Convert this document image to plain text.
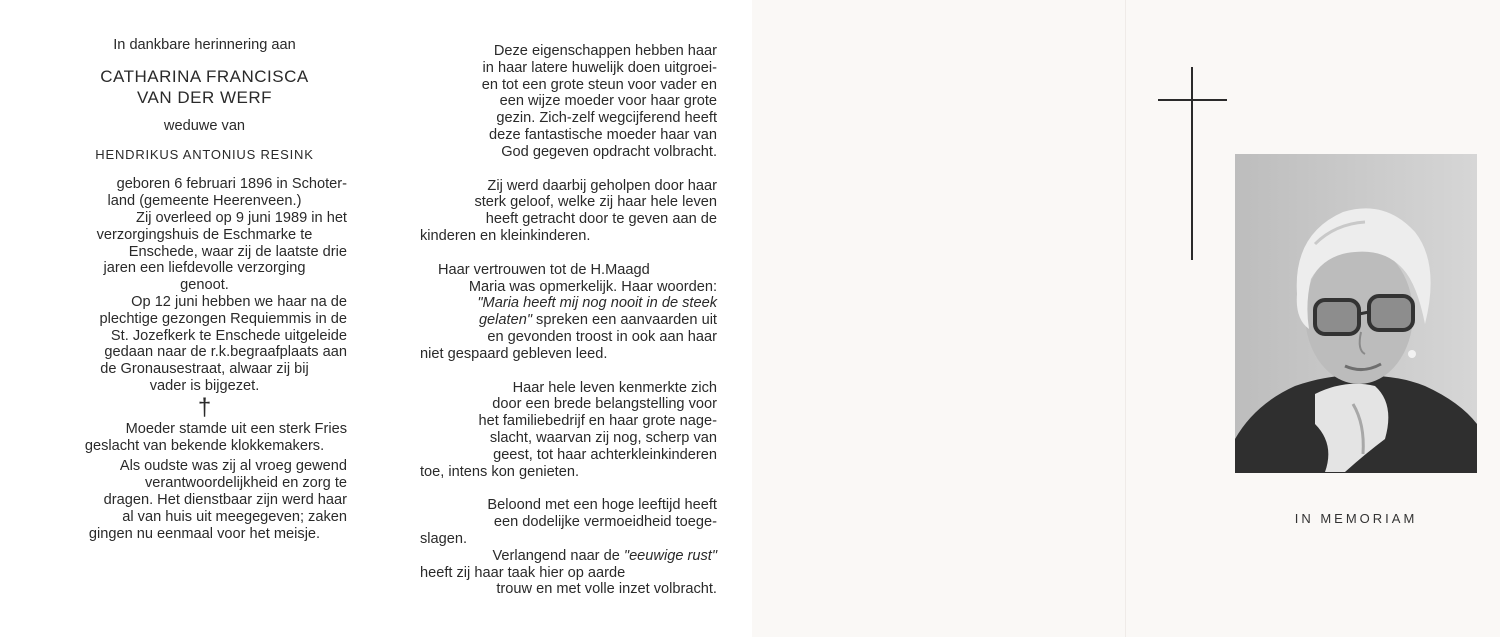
In dankbare herinnering aan

CATHARINA FRANCISCA

VAN DER WERF

weduwe van

HENDRIKUS ANTONIUS RESINK

geboren 6 februari 1896 in Schoter-

land (gemeente Heerenveen.)

Zij overleed op 9 juni 1989 in het

verzorgingshuis de Eschmarke te

Enschede, waar zij de laatste drie

jaren een liefdevolle verzorging

genoot.

Op 12 juni hebben we haar na de

plechtige gezongen Requiemmis in de

St. Jozefkerk te Enschede uitgeleide

gedaan naar de r.k.begraafplaats aan

de Gronausestraat, alwaar zij bij

vader is bijgezet.

†

Moeder stamde uit een sterk Fries

geslacht van bekende klokkemakers.

Als oudste was zij al vroeg gewend

verantwoordelijkheid en zorg te

dragen. Het dienstbaar zijn werd haar

al van huis uit meegegeven; zaken

gingen nu eenmaal voor het meisje.

Deze eigenschappen hebben haar

in haar latere huwelijk doen uitgroei-

en tot een grote steun voor vader en

een wijze moeder voor haar grote

gezin. Zich-zelf wegcijferend heeft

deze fantastische moeder haar van

God gegeven opdracht volbracht.

Zij werd daarbij geholpen door haar

sterk geloof, welke zij haar hele leven

heeft getracht door te geven aan de

kinderen en kleinkinderen.

Haar vertrouwen tot de H.Maagd

Maria was opmerkelijk. Haar woorden:

"Maria heeft mij nog nooit in de steek

gelaten" spreken een aanvaarden uit

en gevonden troost in ook aan haar

niet gespaard gebleven leed.

Haar hele leven kenmerkte zich

door een brede belangstelling voor

het familiebedrijf en haar grote nage-

slacht, waarvan zij nog, scherp van

geest, tot haar achterkleinkinderen

toe, intens kon genieten.

Beloond met een hoge leeftijd heeft

een dodelijke vermoeidheid toege-

slagen.

Verlangend naar de "eeuwige rust"

heeft zij haar taak hier op aarde

trouw en met volle inzet volbracht.

IN MEMORIAM
